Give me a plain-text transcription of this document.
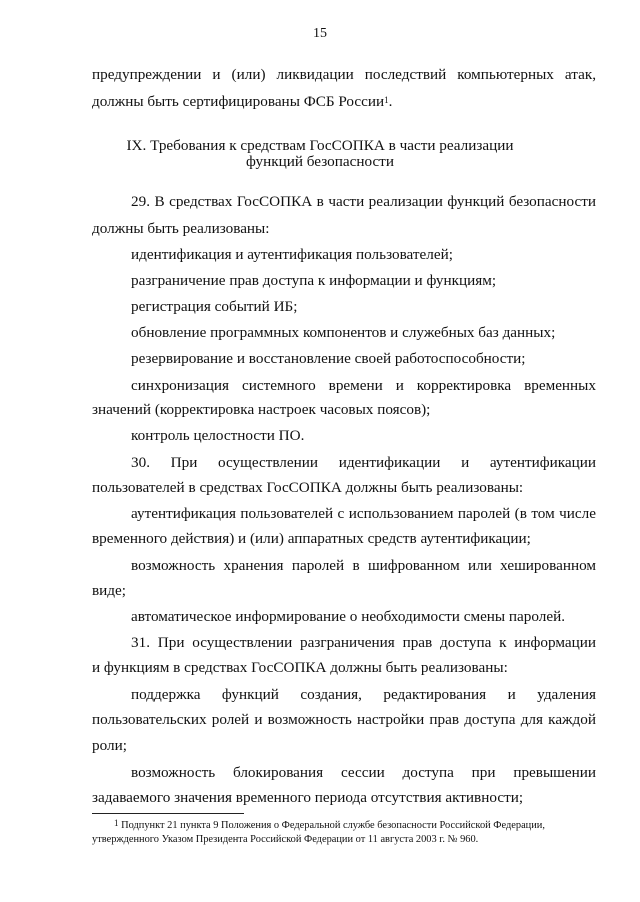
15
предупреждении и (или) ликвидации последствий компьютерных атак,
должны быть сертифицированы ФСБ России$^1$.
IX. Требования к средствам ГосСОПКА в части реализации
функций безопасности
29. В средствах ГосСОПКА в части реализации функций безопасности
должны быть реализованы:
идентификация и аутентификация пользователей;
разграничение прав доступа к информации и функциям;
регистрация событий ИБ;
обновление программных компонентов и служебных баз данных;
резервирование и восстановление своей работоспособности;
синхронизация системного времени и корректировка временных
значений (корректировка настроек часовых поясов);
контроль целостности ПО.
30. При осуществлении идентификации и аутентификации
пользователей в средствах ГосСОПКА должны быть реализованы:
аутентификация пользователей с использованием паролей (в том числе
временного действия) и (или) аппаратных средств аутентификации;
возможность хранения паролей в шифрованном или хешированном
виде;
автоматическое информирование о необходимости смены паролей.
31. При осуществлении разграничения прав доступа к информации
и функциям в средствах ГосСОПКА должны быть реализованы:
поддержка функций создания, редактирования и удаления
пользовательских ролей и возможность настройки прав доступа для каждой
роли;
возможность блокирования сессии доступа при превышении
задаваемого значения временного периода отсутствия активности;
$^1$ Подпункт 21 пункта 9 Положения о Федеральной службе безопасности Российской Федерации,
утвержденного Указом Президента Российской Федерации от 11 августа 2003 г. № 960.
